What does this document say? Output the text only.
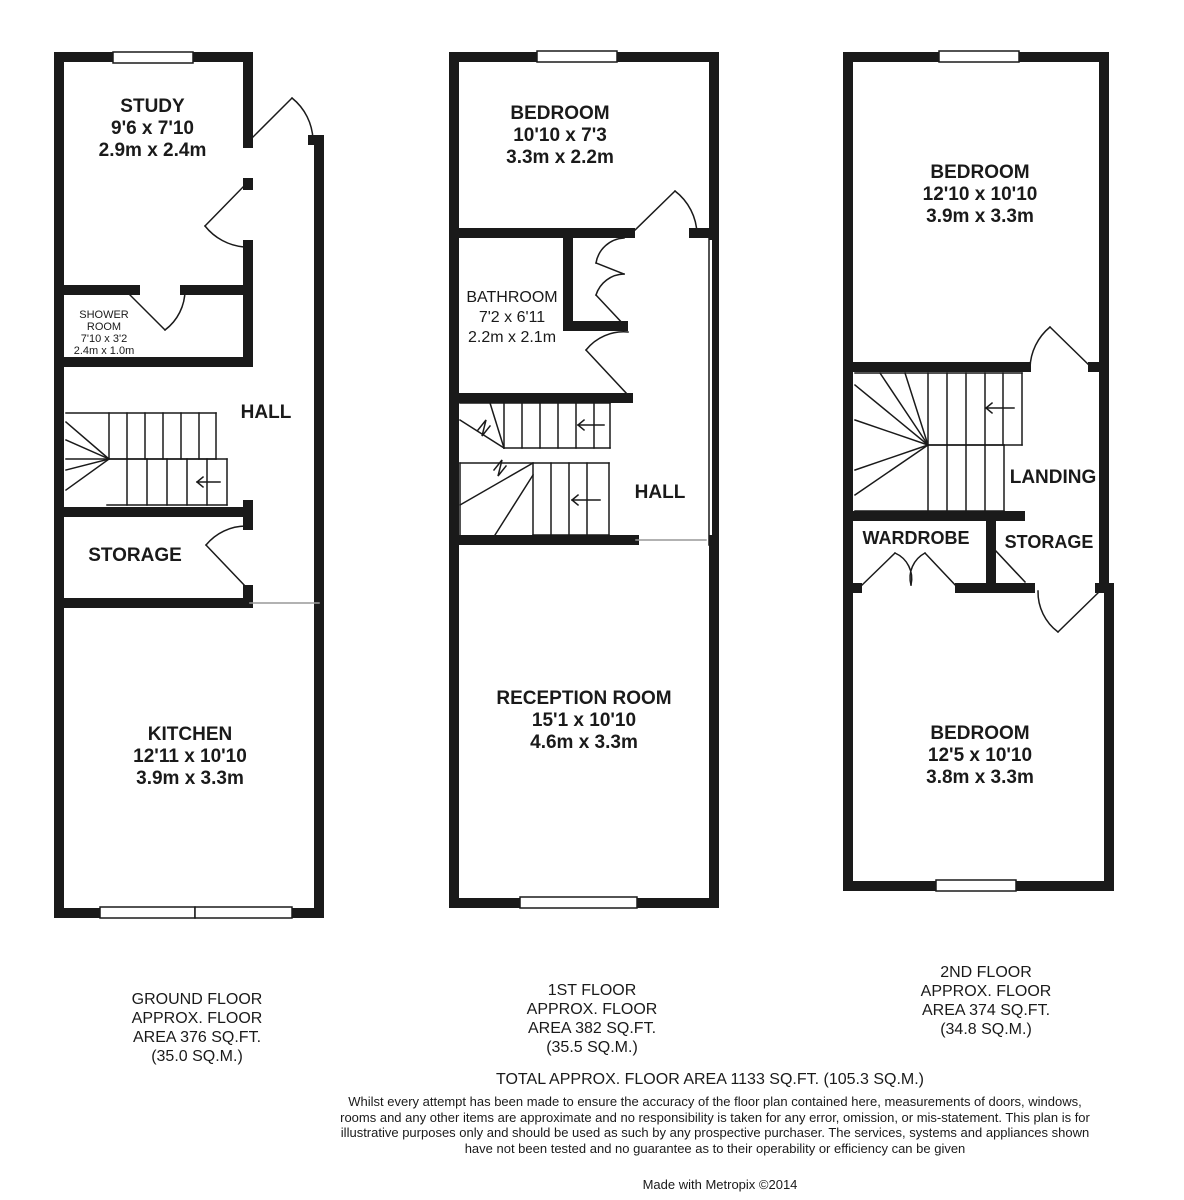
STUDY
9'6 x 7'10
2.9m x 2.4m
SHOWER
ROOM
7'10 x 3'2
2.4m x 1.0m
HALL
STORAGE
KITCHEN
12'11 x 10'10
3.9m x 3.3m
BEDROOM
10'10 x 7'3
3.3m x 2.2m
BATHROOM
7'2 x 6'11
2.2m x 2.1m
HALL
RECEPTION ROOM
15'1 x 10'10
4.6m x 3.3m
BEDROOM
12'10 x 10'10
3.9m x 3.3m
LANDING
WARDROBE	STORAGE
BEDROOM
12'5 x 10'10
3.8m x 3.3m
GROUND FLOOR
APPROX. FLOOR
AREA 376 SQ.FT.
(35.0 SQ.M.)
1ST FLOOR
APPROX. FLOOR
AREA 382 SQ.FT.
(35.5 SQ.M.)
2ND FLOOR
APPROX. FLOOR
AREA 374 SQ.FT.
(34.8 SQ.M.)
TOTAL APPROX. FLOOR AREA 1133 SQ.FT. (105.3 SQ.M.)
Whilst every attempt has been made to ensure the accuracy of the floor plan contained here, measurements of doors, windows, rooms and any other items are approximate and no responsibility is taken for any error, omission, or mis-statement. This plan is for illustrative purposes only and should be used as such by any prospective purchaser. The services, systems and appliances shown have not been tested and no guarantee as to their operability or efficiency can be given
Made with Metropix ©2014
